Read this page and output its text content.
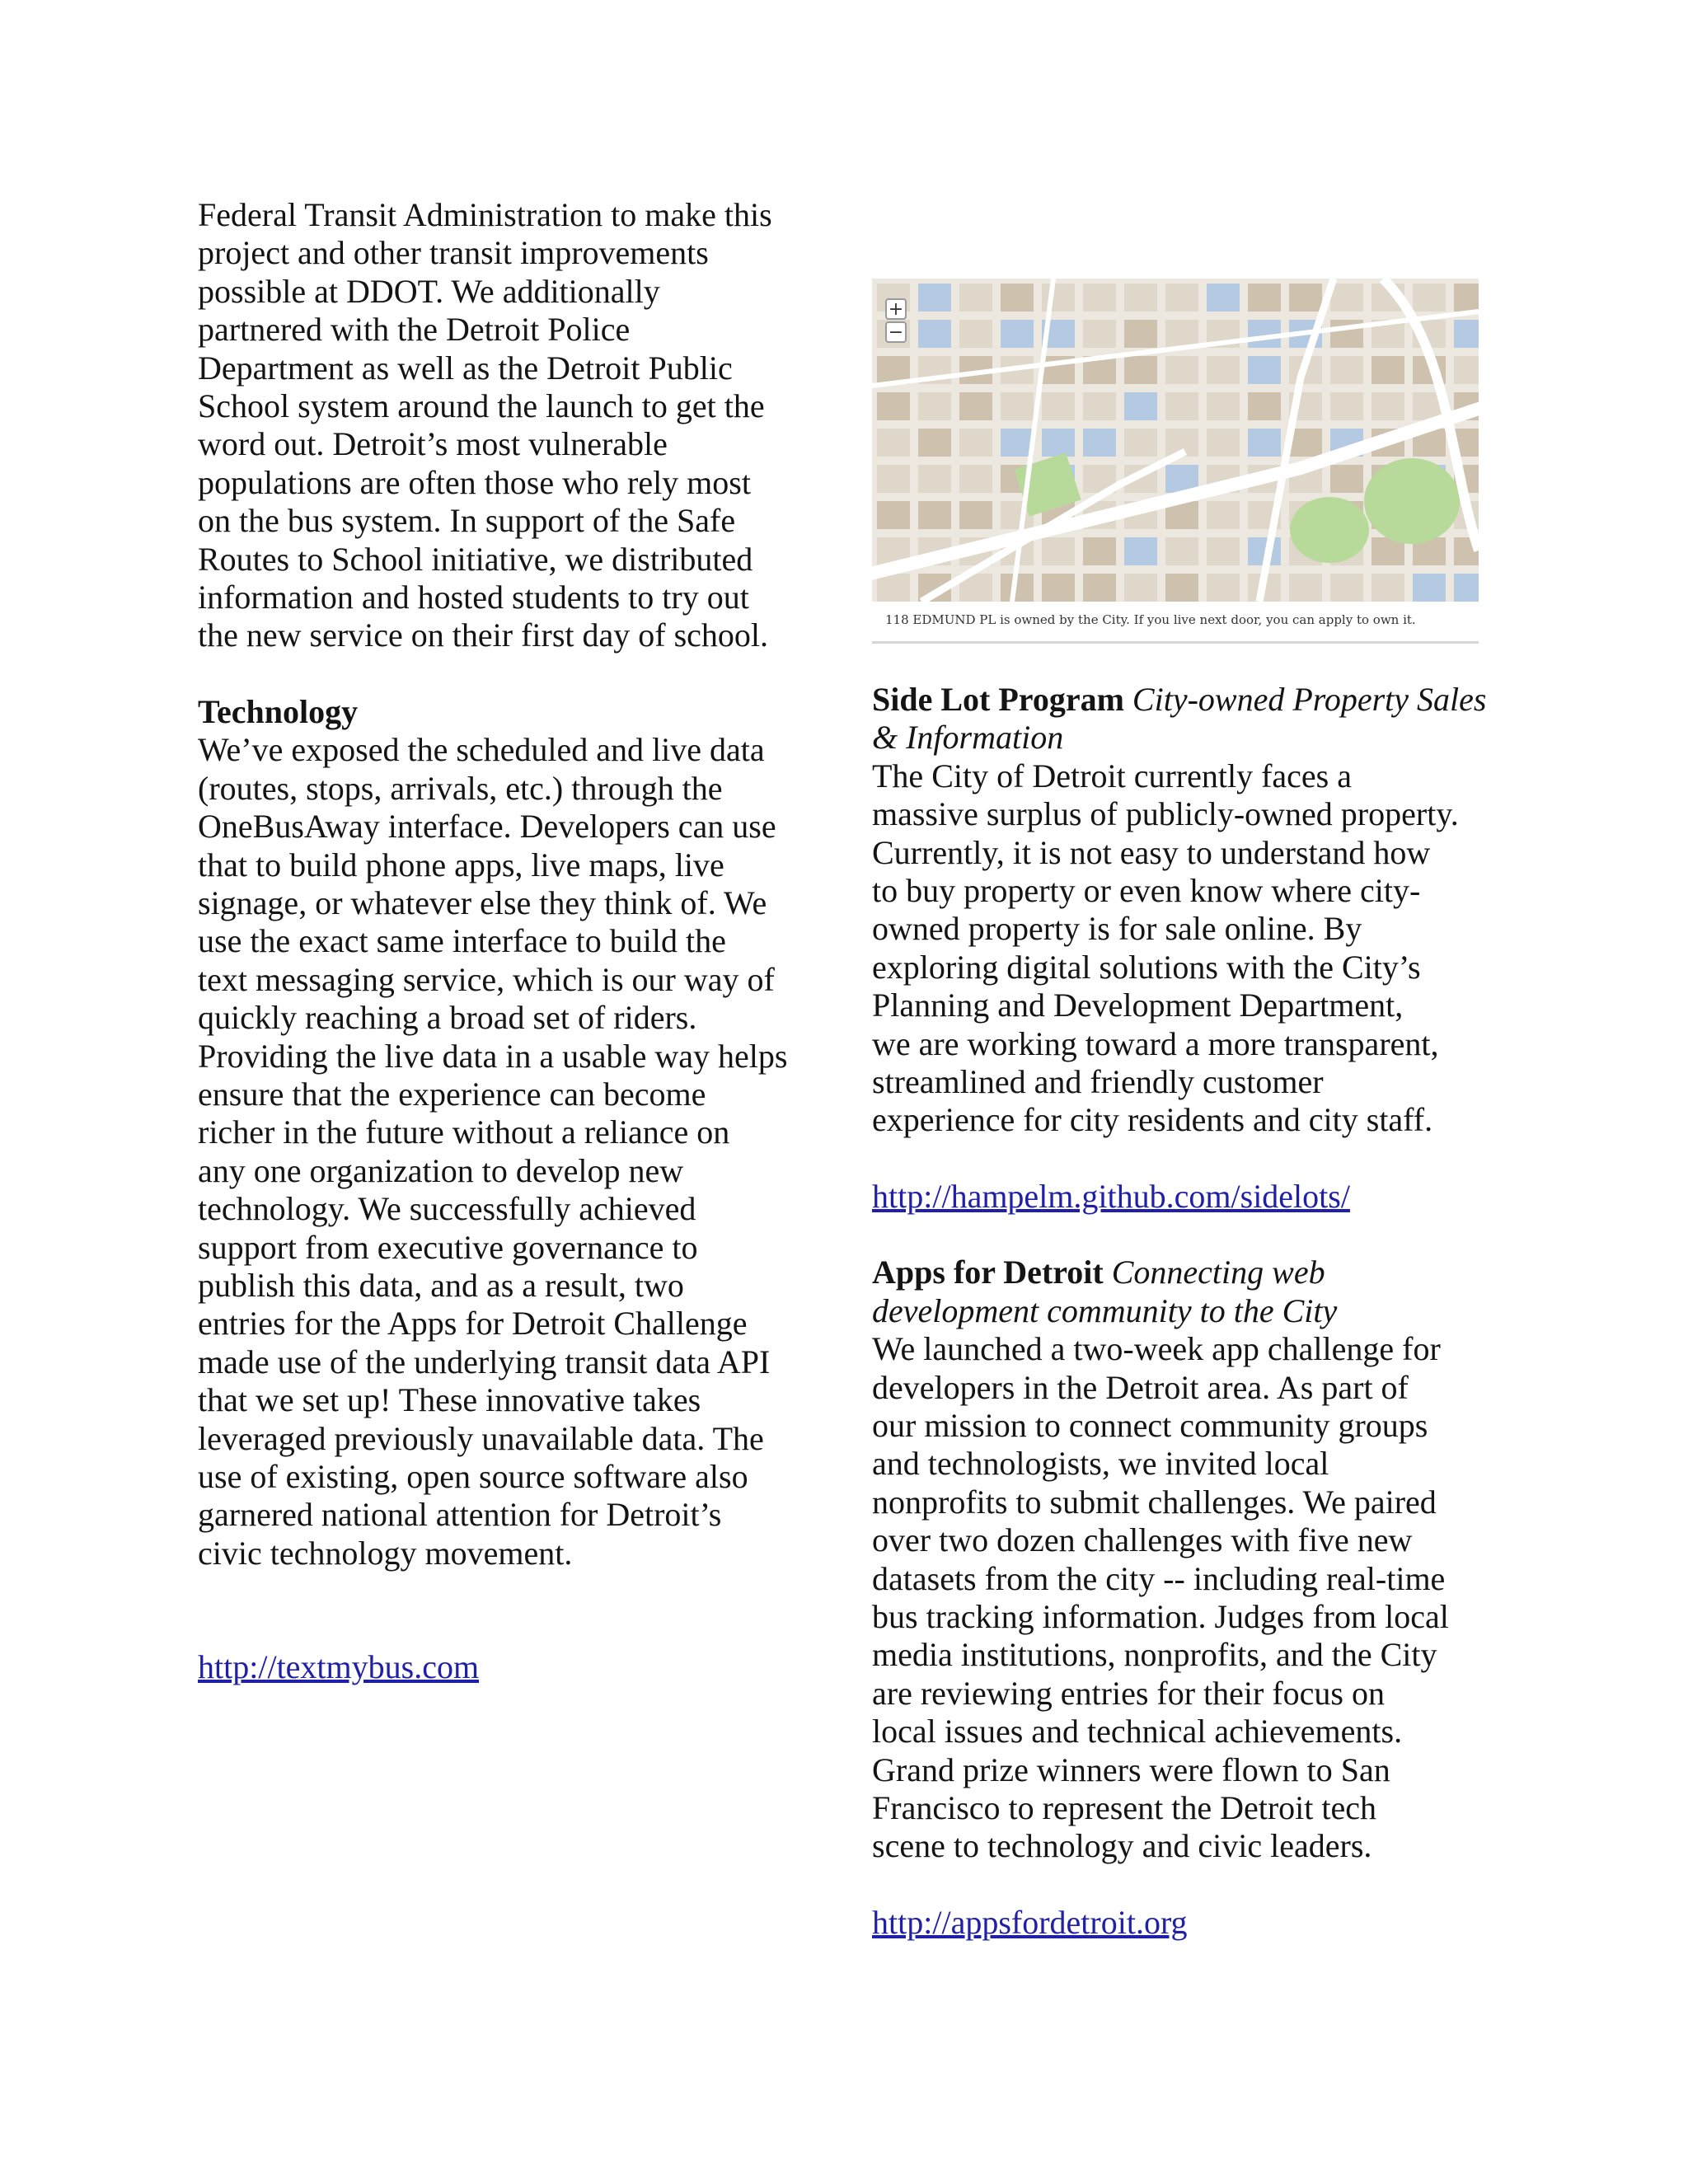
Federal Transit Administration to make this
project and other transit improvements
possible at DDOT. We additionally
partnered with the Detroit Police
Department as well as the Detroit Public
School system around the launch to get the
word out. Detroit’s most vulnerable
populations are often those who rely most
on the bus system. In support of the Safe
Routes to School initiative, we distributed
information and hosted students to try out
the new service on their first day of school.

Technology

We’ve exposed the scheduled and live data
(routes, stops, arrivals, etc.) through the
OneBusAway interface. Developers can use
that to build phone apps, live maps, live
signage, or whatever else they think of. We
use the exact same interface to build the
text messaging service, which is our way of
quickly reaching a broad set of riders.
Providing the live data in a usable way helps
ensure that the experience can become
richer in the future without a reliance on
any one organization to develop new
technology. We successfully achieved
support from executive governance to
publish this data, and as a result, two
entries for the Apps for Detroit Challenge
made use of the underlying transit data API
that we set up! These innovative takes
leveraged previously unavailable data. The
use of existing, open source software also
garnered national attention for Detroit’s
civic technology movement.

http://textmybus.com

+
−
118 EDMUND PL is owned by the City. If you live next door, you can apply to own it.

Side Lot Program City-owned Property Sales & Information

The City of Detroit currently faces a
massive surplus of publicly-owned property.
Currently, it is not easy to understand how
to buy property or even know where city-
owned property is for sale online. By
exploring digital solutions with the City’s
Planning and Development Department,
we are working toward a more transparent,
streamlined and friendly customer
experience for city residents and city staff.

http://hampelm.github.com/sidelots/

Apps for Detroit Connecting web development community to the City

We launched a two-week app challenge for
developers in the Detroit area. As part of
our mission to connect community groups
and technologists, we invited local
nonprofits to submit challenges. We paired
over two dozen challenges with five new
datasets from the city -- including real-time
bus tracking information. Judges from local
media institutions, nonprofits, and the City
are reviewing entries for their focus on
local issues and technical achievements.
Grand prize winners were flown to San
Francisco to represent the Detroit tech
scene to technology and civic leaders.

http://appsfordetroit.org
